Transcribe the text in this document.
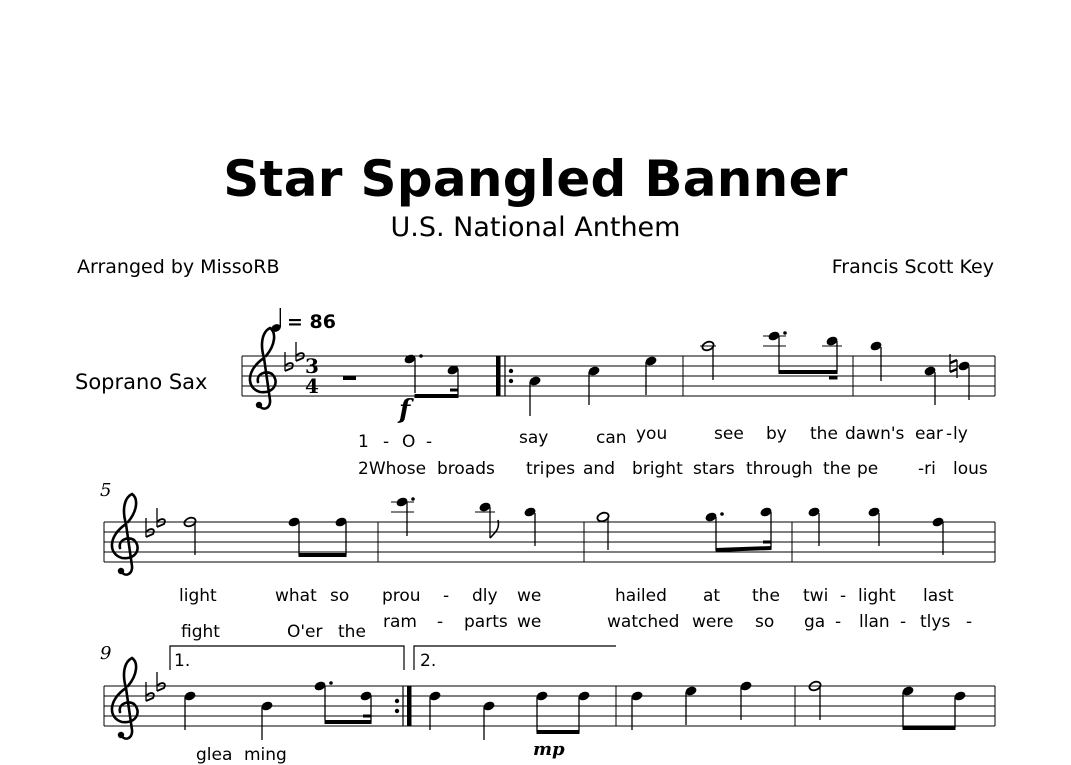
Star Spangled Banner
U.S. National Anthem
Arranged by MissoRB	Francis Scott Key
Soprano Sax
= 86
5
9	1.	2.
f
mp
1 - O -	say	can you	see by the dawn's ear - ly
2Whose broads tri pes and bright stars through the pe -ri lous
light	what so prou - dly we	hailed at the twi - light last
fight	O'er the ram - parts we	watched were so ga - llan - tlys -
glea ming
3
4
